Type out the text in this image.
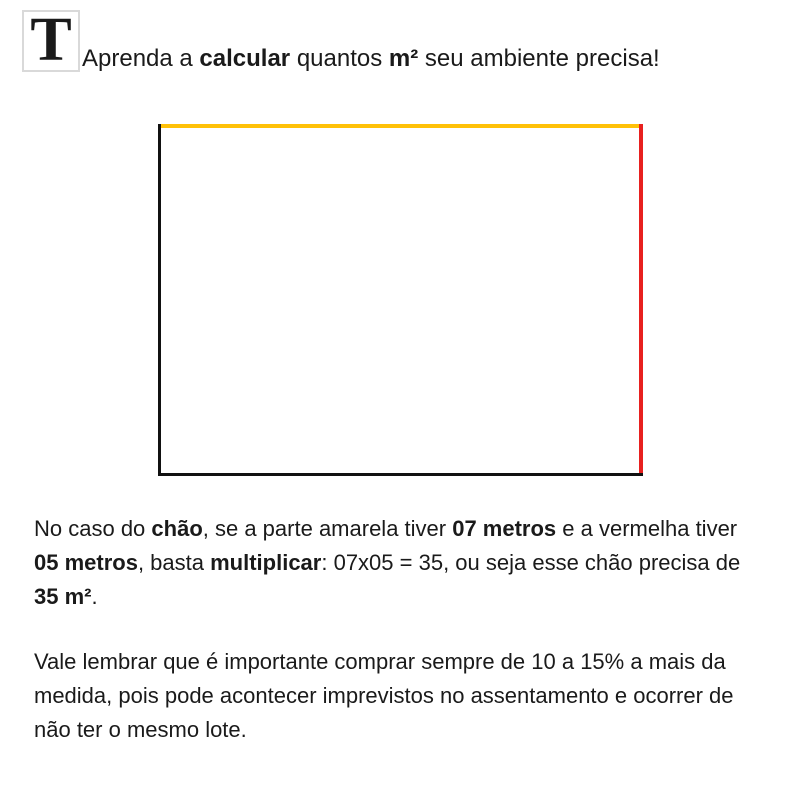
T Aprenda a calcular quantos m² seu ambiente precisa!
No caso do chão, se a parte amarela tiver 07 metros e a vermelha tiver 05 metros, basta multiplicar: 07x05 = 35, ou seja esse chão precisa de 35 m².
Vale lembrar que é importante comprar sempre de 10 a 15% a mais da medida, pois pode acontecer imprevistos no assentamento e ocorrer de não ter o mesmo lote.
